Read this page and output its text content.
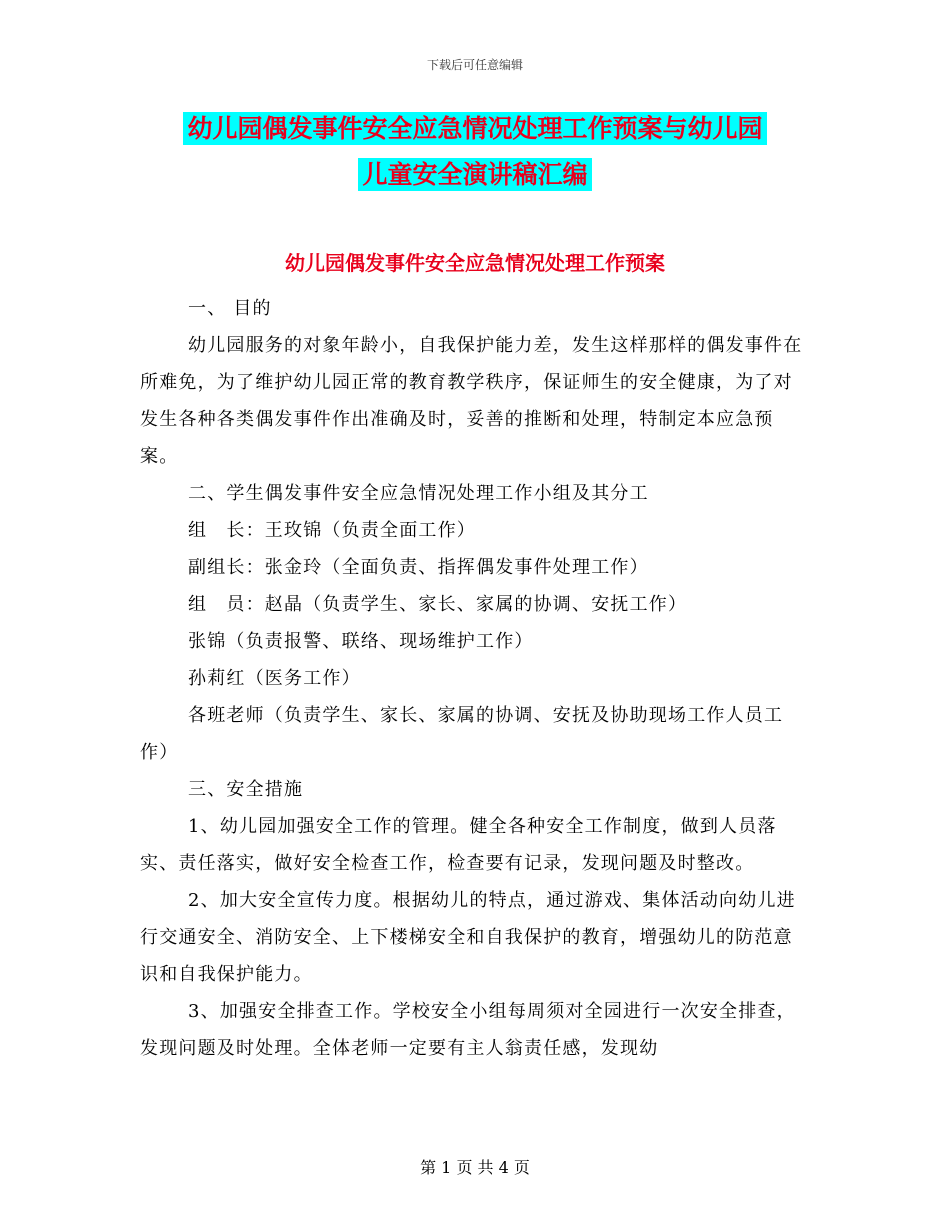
下载后可任意编辑
幼儿园偶发事件安全应急情况处理工作预案与幼儿园
儿童安全演讲稿汇编
幼儿园偶发事件安全应急情况处理工作预案

一、 目的

幼儿园服务的对象年龄小，自我保护能力差，发生这样那样的偶发事件在所难免，为了维护幼儿园正常的教育教学秩序，保证师生的安全健康，为了对发生各种各类偶发事件作出准确及时，妥善的推断和处理，特制定本应急预案。

二、学生偶发事件安全应急情况处理工作小组及其分工

组　长：王玫锦（负责全面工作）

副组长：张金玲（全面负责、指挥偶发事件处理工作）

组　员：赵晶（负责学生、家长、家属的协调、安抚工作）

张锦（负责报警、联络、现场维护工作）

孙莉红（医务工作）

各班老师（负责学生、家长、家属的协调、安抚及协助现场工作人员工作）

三、安全措施

1、幼儿园加强安全工作的管理。健全各种安全工作制度，做到人员落实、责任落实，做好安全检查工作，检查要有记录，发现问题及时整改。

2、加大安全宣传力度。根据幼儿的特点，通过游戏、集体活动向幼儿进行交通安全、消防安全、上下楼梯安全和自我保护的教育，增强幼儿的防范意识和自我保护能力。

3、加强安全排查工作。学校安全小组每周须对全园进行一次安全排查，发现问题及时处理。全体老师一定要有主人翁责任感，发现幼

第 1 页 共 4 页
